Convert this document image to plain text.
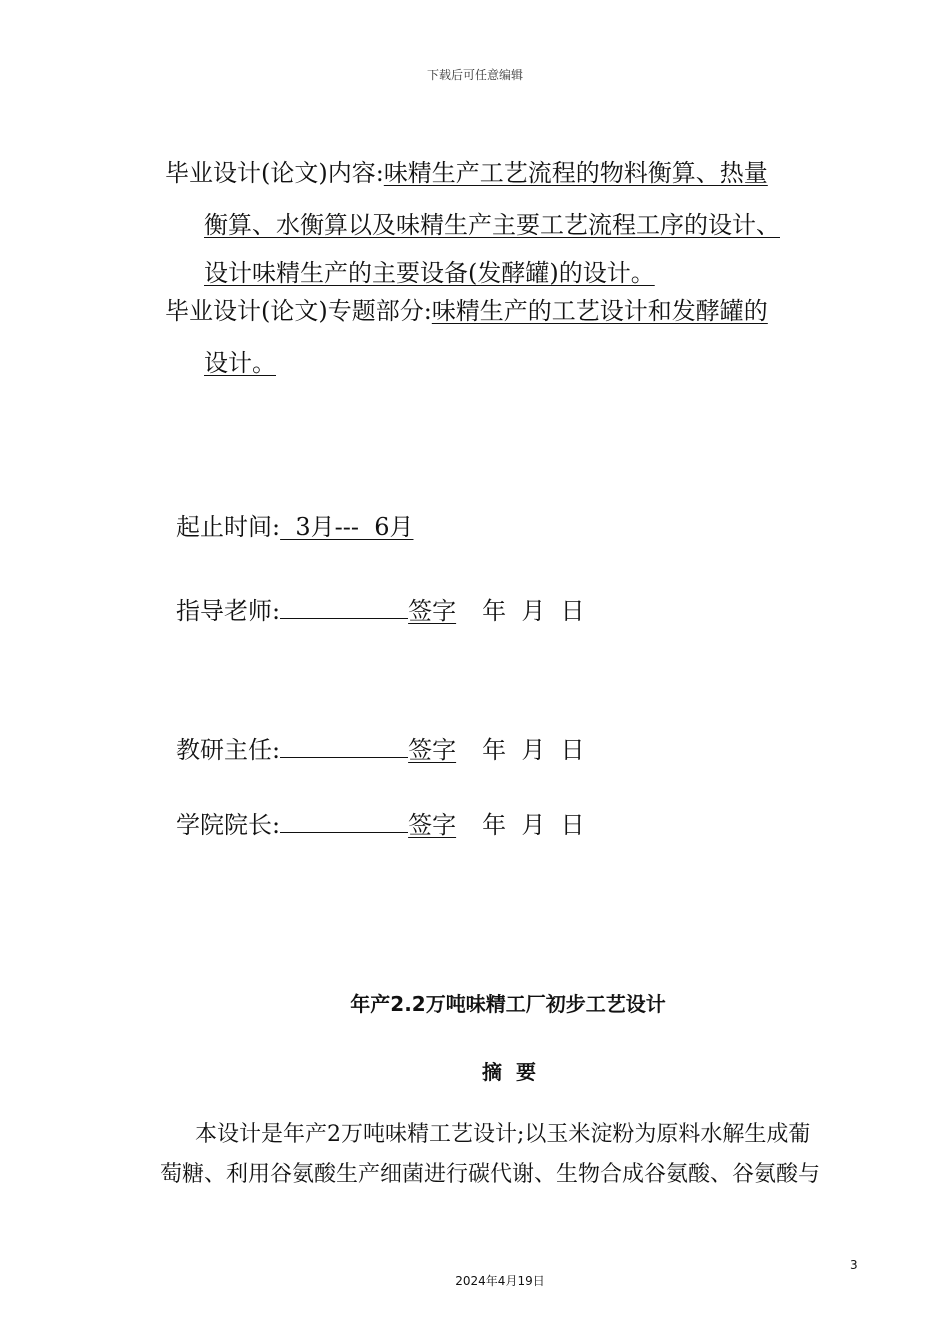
下载后可任意编辑
毕业设计(论文)内容:味精生产工艺流程的物料衡算、热量
衡算、水衡算以及味精生产主要工艺流程工序的设计、
设计味精生产的主要设备(发酵罐)的设计。
毕业设计(论文)专题部分:味精生产的工艺设计和发酵罐的
设计。
起止时间:  3月---  6月
指导老师:	签字 年  月  日
教研主任:	签字 年  月  日
学院院长:	签字 年  月  日
年产2.2万吨味精工厂初步工艺设计
摘  要
本设计是年产2万吨味精工艺设计;以玉米淀粉为原料水解生成葡
萄糖、利用谷氨酸生产细菌进行碳代谢、生物合成谷氨酸、谷氨酸与
3
2024年4月19日
